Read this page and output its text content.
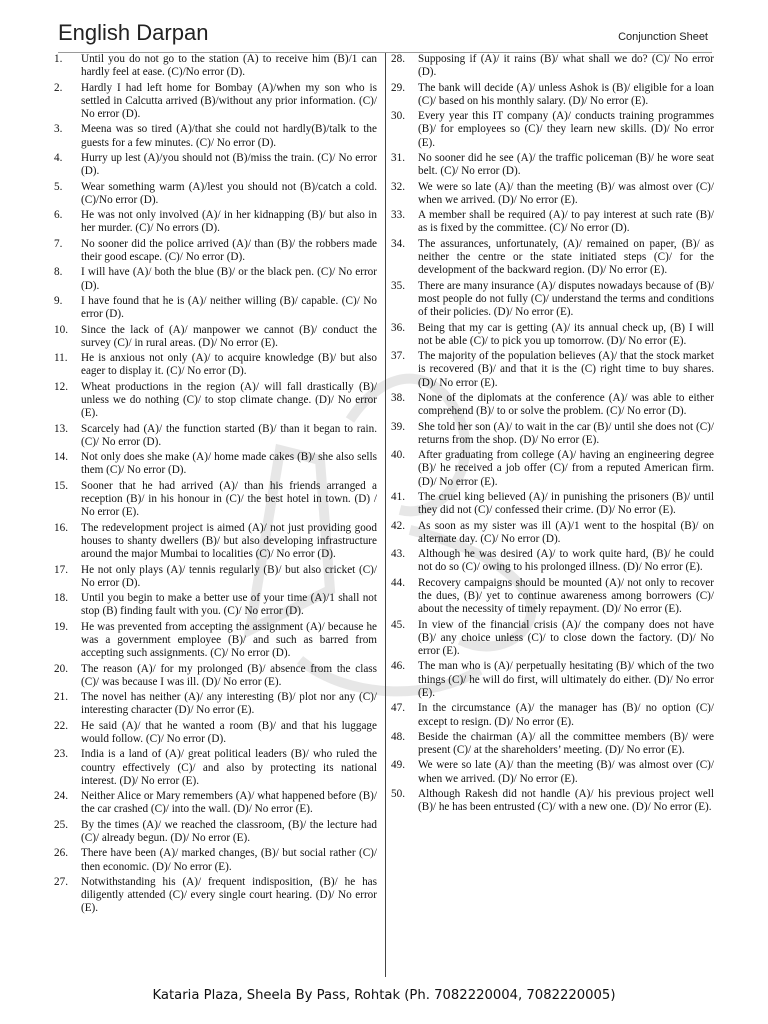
English Darpan	Conjunction Sheet
1. Until you do not go to the station (A) to receive him (B)/1 can hardly feel at ease. (C)/No error (D).
2. Hardly I had left home for Bombay (A)/when my son who is settled in Calcutta arrived (B)/without any prior information. (C)/ No error (D).
3. Meena was so tired (A)/that she could not hardly(B)/talk to the guests for a few minutes. (C)/ No error (D).
4. Hurry up lest (A)/you should not (B)/miss the train. (C)/ No error (D).
5. Wear something warm (A)/lest you should not (B)/catch a cold. (C)/No error (D).
6. He was not only involved (A)/ in her kidnapping (B)/ but also in her murder. (C)/ No errors (D).
7. No sooner did the police arrived (A)/ than (B)/ the robbers made their good escape. (C)/ No error (D).
8. I will have (A)/ both the blue (B)/ or the black pen. (C)/ No error (D).
9. I have found that he is (A)/ neither willing (B)/ capable. (C)/ No error (D).
10. Since the lack of (A)/ manpower we cannot (B)/ conduct the survey (C)/ in rural areas. (D)/ No error (E).
11. He is anxious not only (A)/ to acquire knowledge (B)/ but also eager to display it. (C)/ No error (D).
12. Wheat productions in the region (A)/ will fall drastically (B)/ unless we do nothing (C)/ to stop climate change. (D)/ No error (E).
13. Scarcely had (A)/ the function started (B)/ than it began to rain. (C)/ No error (D).
14. Not only does she make (A)/ home made cakes (B)/ she also sells them (C)/ No error (D).
15. Sooner that he had arrived (A)/ than his friends arranged a reception (B)/ in his honour in (C)/ the best hotel in town. (D) / No error (E).
16. The redevelopment project is aimed (A)/ not just providing good houses to shanty dwellers (B)/ but also developing infrastructure around the major Mumbai to localities (C)/ No error (D).
17. He not only plays (A)/ tennis regularly (B)/ but also cricket (C)/ No error (D).
18. Until you begin to make a better use of your time (A)/1 shall not stop (B) finding fault with you. (C)/ No error (D).
19. He was prevented from accepting the assignment (A)/ because he was a government employee (B)/ and such as barred from accepting such assignments. (C)/ No error (D).
20. The reason (A)/ for my prolonged (B)/ absence from the class (C)/ was because I was ill. (D)/ No error (E).
21. The novel has neither (A)/ any interesting (B)/ plot nor any (C)/ interesting character (D)/ No error (E).
22. He said (A)/ that he wanted a room (B)/ and that his luggage would follow. (C)/ No error (D).
23. India is a land of (A)/ great political leaders (B)/ who ruled the country effectively (C)/ and also by protecting its national interest. (D)/ No error (E).
24. Neither Alice or Mary remembers (A)/ what happened before (B)/ the car crashed (C)/ into the wall. (D)/ No error (E).
25. By the times (A)/ we reached the classroom, (B)/ the lecture had (C)/ already begun. (D)/ No error (E).
26. There have been (A)/ marked changes, (B)/ but social rather (C)/ then economic. (D)/ No error (E).
27. Notwithstanding his (A)/ frequent indisposition, (B)/ he has diligently attended (C)/ every single court hearing. (D)/ No error (E).
28. Supposing if (A)/ it rains (B)/ what shall we do? (C)/ No error (D).
29. The bank will decide (A)/ unless Ashok is (B)/ eligible for a loan (C)/ based on his monthly salary. (D)/ No error (E).
30. Every year this IT company (A)/ conducts training programmes (B)/ for employees so (C)/ they learn new skills. (D)/ No error (E).
31. No sooner did he see (A)/ the traffic policeman (B)/ he wore seat belt. (C)/ No error (D).
32. We were so late (A)/ than the meeting (B)/ was almost over (C)/ when we arrived. (D)/ No error (E).
33. A member shall be required (A)/ to pay interest at such rate (B)/ as is fixed by the committee. (C)/ No error (D).
34. The assurances, unfortunately, (A)/ remained on paper, (B)/ as neither the centre or the state initiated steps (C)/ for the development of the backward region. (D)/ No error (E).
35. There are many insurance (A)/ disputes nowadays because of (B)/ most people do not fully (C)/ understand the terms and conditions of their policies. (D)/ No error (E).
36. Being that my car is getting (A)/ its annual check up, (B) I will not be able (C)/ to pick you up tomorrow. (D)/ No error (E).
37. The majority of the population believes (A)/ that the stock market is recovered (B)/ and that it is the (C) right time to buy shares. (D)/ No error (E).
38. None of the diplomats at the conference (A)/ was able to either comprehend (B)/ to or solve the problem. (C)/ No error (D).
39. She told her son (A)/ to wait in the car (B)/ until she does not (C)/ returns from the shop. (D)/ No error (E).
40. After graduating from college (A)/ having an engineering degree (B)/ he received a job offer (C)/ from a reputed American firm. (D)/ No error (E).
41. The cruel king believed (A)/ in punishing the prisoners (B)/ until they did not (C)/ confessed their crime. (D)/ No error (E).
42. As soon as my sister was ill (A)/1 went to the hospital (B)/ on alternate day. (C)/ No error (D).
43. Although he was desired (A)/ to work quite hard, (B)/ he could not do so (C)/ owing to his prolonged illness. (D)/ No error (E).
44. Recovery campaigns should be mounted (A)/ not only to recover the dues, (B)/ yet to continue awareness among borrowers (C)/ about the necessity of timely repayment. (D)/ No error (E).
45. In view of the financial crisis (A)/ the company does not have (B)/ any choice unless (C)/ to close down the factory. (D)/ No error (E).
46. The man who is (A)/ perpetually hesitating (B)/ which of the two things (C)/ he will do first, will ultimately do either. (D)/ No error (E).
47. In the circumstance (A)/ the manager has (B)/ no option (C)/ except to resign. (D)/ No error (E).
48. Beside the chairman (A)/ all the committee members (B)/ were present (C)/ at the shareholders’ meeting. (D)/ No error (E).
49. We were so late (A)/ than the meeting (B)/ was almost over (C)/ when we arrived. (D)/ No error (E).
50. Although Rakesh did not handle (A)/ his previous project well (B)/ he has been entrusted (C)/ with a new one. (D)/ No error (E).
Kataria Plaza, Sheela By Pass, Rohtak (Ph. 7082220004, 7082220005)
